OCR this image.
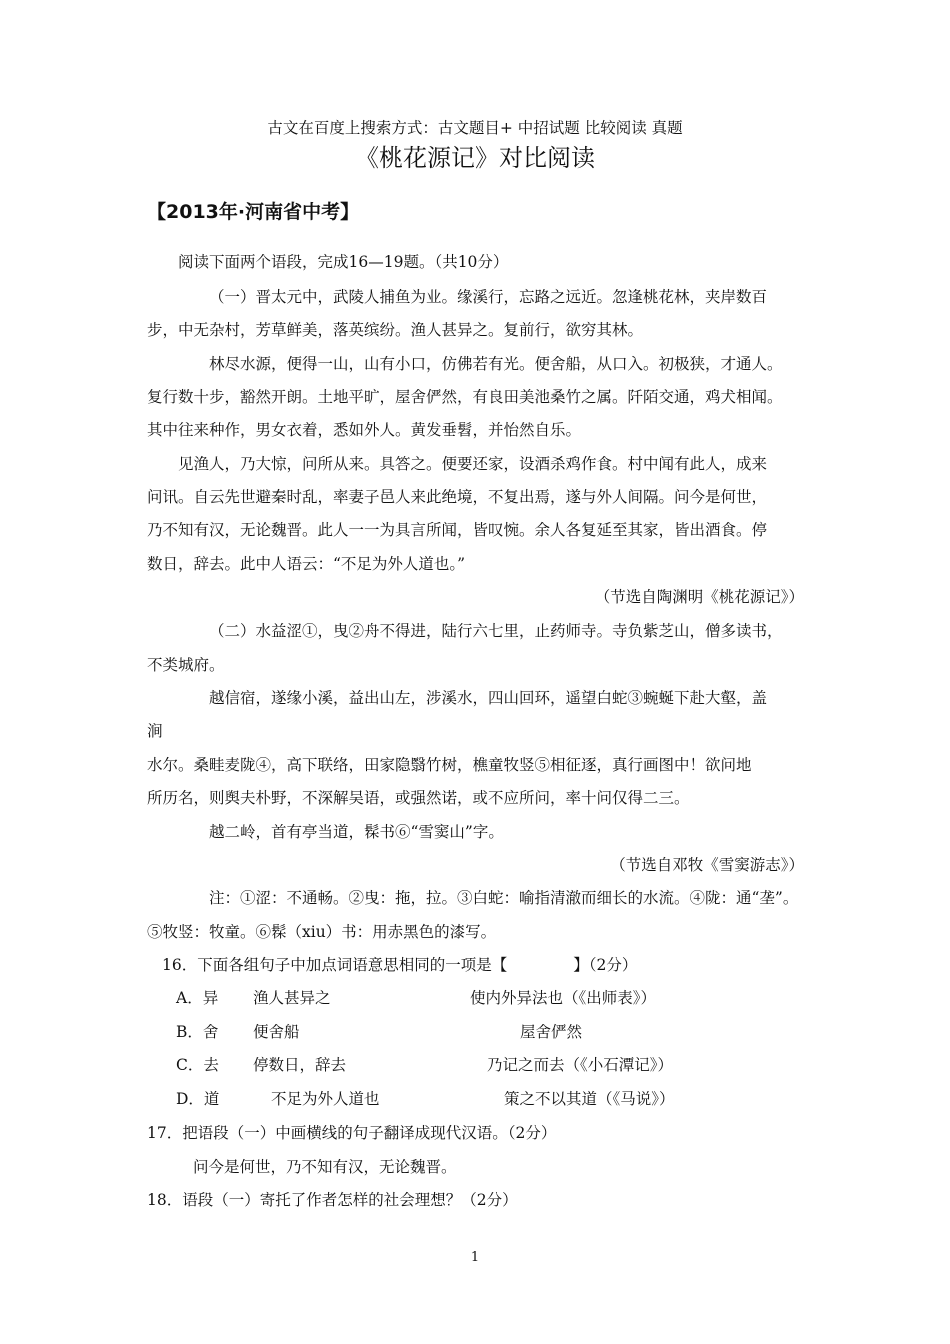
古文在百度上搜索方式：古文题目+ 中招试题 比较阅读 真题
《桃花源记》对比阅读
【2013年·河南省中考】
阅读下面两个语段，完成16—19题。（共10分）
（一）晋太元中，武陵人捕鱼为业。缘溪行，忘路之远近。忽逢桃花林，夹岸数百
步，中无杂村，芳草鲜美，落英缤纷。渔人甚异之。复前行，欲穷其林。
林尽水源，便得一山，山有小口，仿佛若有光。便舍船，从口入。初极狭，才通人。
复行数十步，豁然开朗。土地平旷，屋舍俨然，有良田美池桑竹之属。阡陌交通，鸡犬相闻。
其中往来种作，男女衣着，悉如外人。黄发垂髫，并怡然自乐。
见渔人，乃大惊，问所从来。具答之。便要还家，设酒杀鸡作食。村中闻有此人，成来
问讯。自云先世避秦时乱，率妻子邑人来此绝境，不复出焉，遂与外人间隔。问今是何世，
乃不知有汉，无论魏晋。此人一一为具言所闻，皆叹惋。余人各复延至其家，皆出酒食。停
数日，辞去。此中人语云：“不足为外人道也。”
（节选自陶渊明《桃花源记》）
（二）水益涩①，曳②舟不得进，陆行六七里，止药师寺。寺负紫芝山，僧多读书，
不类城府。
越信宿，遂缘小溪，益出山左，涉溪水，四山回环，遥望白蛇③蜿蜒下赴大壑，盖
涧
水尔。桑畦麦陇④，高下联络，田家隐翳竹树，樵童牧竖⑤相征逐，真行画图中！欲问地
所历名，则舆夫朴野，不深解吴语，或强然诺，或不应所问，率十问仅得二三。
越二岭，首有亭当道，髹书⑥“雪窦山”字。
（节选自邓牧《雪窦游志》）
注：①涩：不通畅。②曳：拖，拉。③白蛇：喻指清澈而细长的水流。④陇：通“垄”。
⑤牧竖：牧童。⑥髹（xiu）书：用赤黑色的漆写。
16．下面各组句子中加点词语意思相同的一项是【	】（2分）
A．异 渔人甚异之	使内外异法也（《出师表》）
B．舍 便舍船	屋舍俨然
C．去 停数日，辞去	乃记之而去（《小石潭记》）
D．道	不足为外人道也	策之不以其道（《马说》）
17．把语段（一）中画横线的句子翻译成现代汉语。（2分）
问今是何世，乃不知有汉，无论魏晋。
18．语段（一）寄托了作者怎样的社会理想？（2分）
1
